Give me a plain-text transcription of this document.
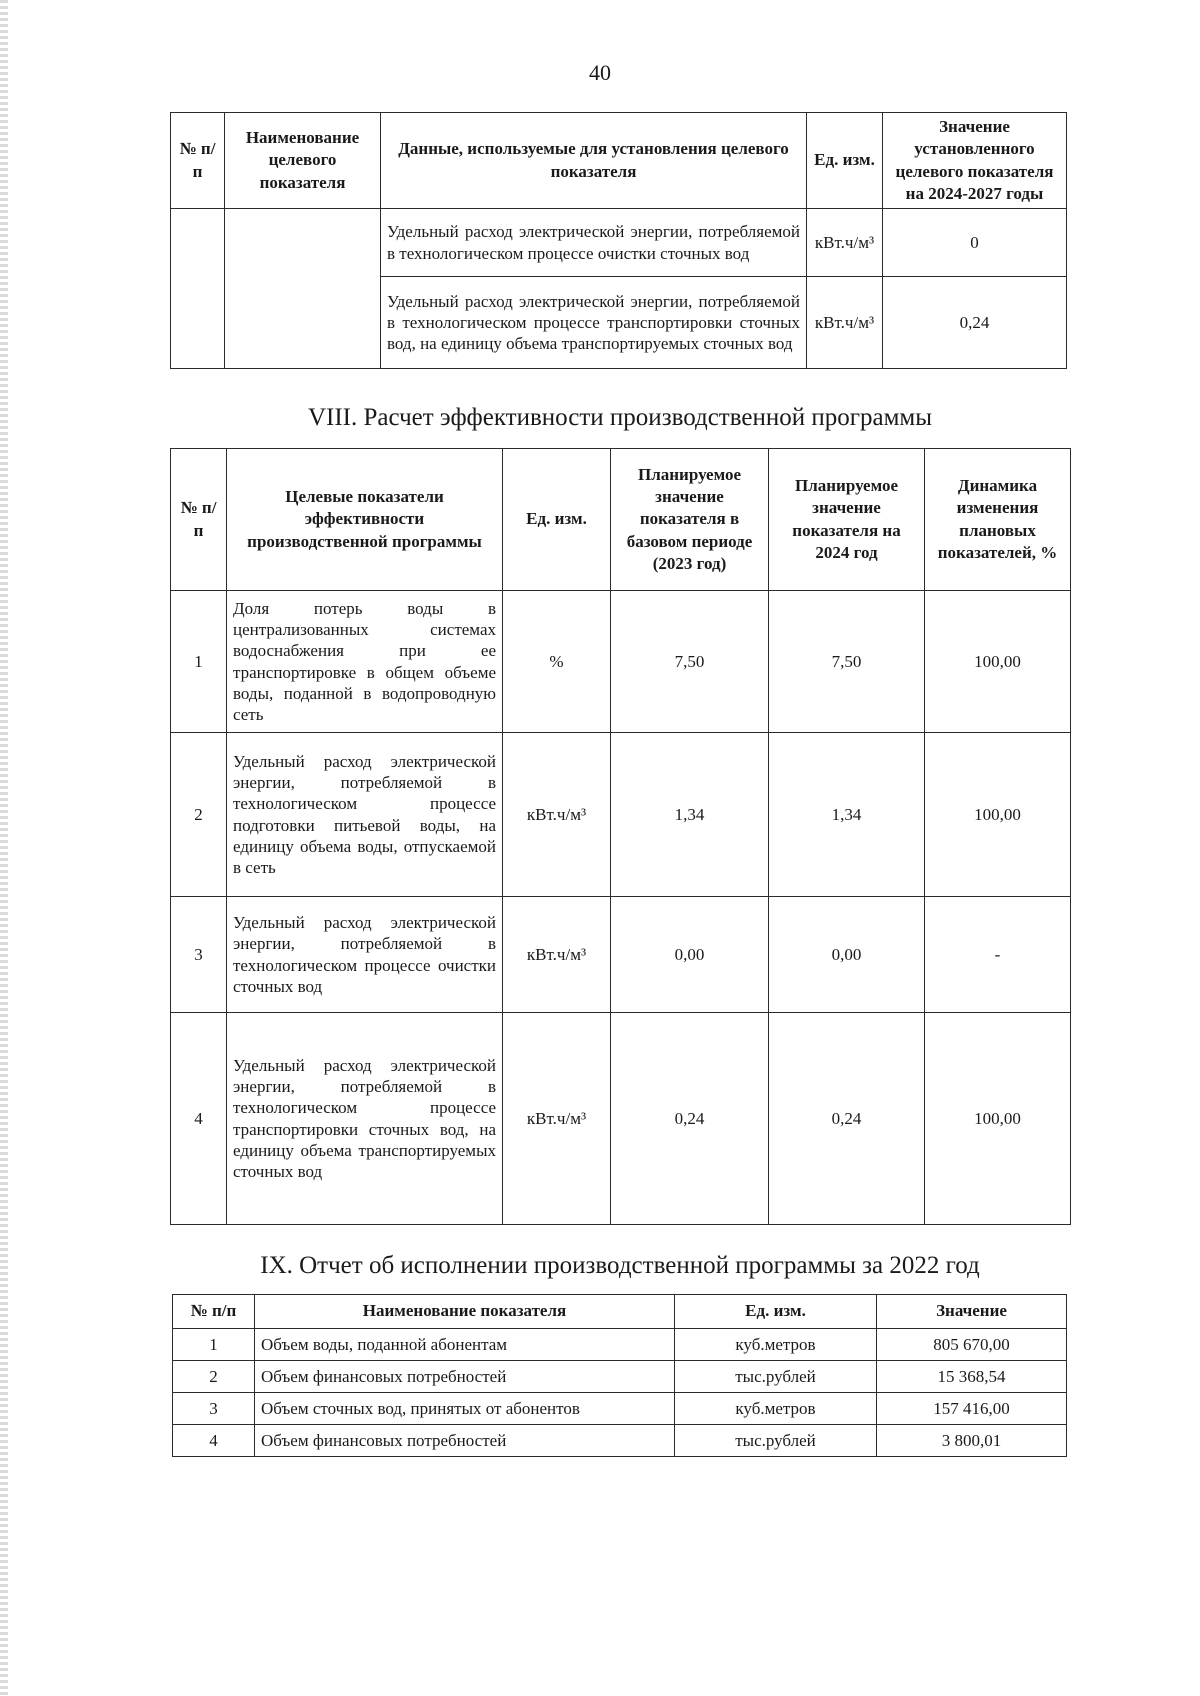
40
№ п/п	Наименование целевого показателя	Данные, используемые для установления целевого показателя	Ед. изм.	Значение установленного целевого показателя на 2024-2027 годы
		Удельный расход электрической энергии, потребляемой в технологическом процессе очистки сточных вод	кВт.ч/м³	0
		Удельный расход электрической энергии, потребляемой в технологическом процессе транспортировки сточных вод, на единицу объема транспортируемых сточных вод	кВт.ч/м³	0,24
VIII. Расчет эффективности производственной программы
№ п/п	Целевые показатели эффективности производственной программы	Ед. изм.	Планируемое значение показателя в базовом периоде (2023 год)	Планируемое значение показателя на 2024 год	Динамика изменения плановых показателей, %
1	Доля потерь воды в централизованных системах водоснабжения при ее транспортировке в общем объеме воды, поданной в водопроводную сеть	%	7,50	7,50	100,00
2	Удельный расход электрической энергии, потребляемой в технологическом процессе подготовки питьевой воды, на единицу объема воды, отпускаемой в сеть	кВт.ч/м³	1,34	1,34	100,00
3	Удельный расход электрической энергии, потребляемой в технологическом процессе очистки сточных вод	кВт.ч/м³	0,00	0,00	-
4	Удельный расход электрической энергии, потребляемой в технологическом процессе транспортировки сточных вод, на единицу объема транспортируемых сточных вод	кВт.ч/м³	0,24	0,24	100,00
IX. Отчет об исполнении производственной программы за 2022 год
№ п/п	Наименование показателя	Ед. изм.	Значение
1	Объем воды, поданной абонентам	куб.метров	805 670,00
2	Объем финансовых потребностей	тыс.рублей	15 368,54
3	Объем сточных вод, принятых от абонентов	куб.метров	157 416,00
4	Объем финансовых потребностей	тыс.рублей	3 800,01
